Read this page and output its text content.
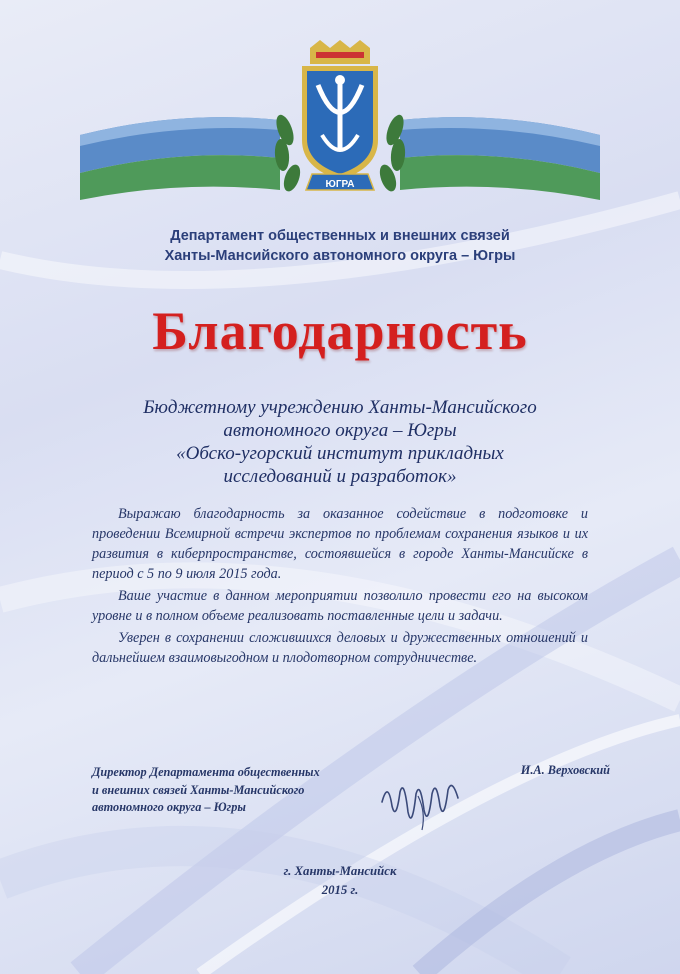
ЮГРА
Департамент общественных и внешних связей
Ханты-Мансийского автономного округа – Югры
Благодарность
Бюджетному учреждению Ханты-Мансийского
автономного округа – Югры
«Обско-угорский институт прикладных
исследований и разработок»

Выражаю благодарность за оказанное содействие в подготовке и проведении Всемирной встречи экспертов по проблемам сохранения языков и их развития в киберпространстве, состоявшейся в городе Ханты-Мансийске в период с 5 по 9 июля 2015 года.

Ваше участие в данном мероприятии позволило провести его на высоком уровне и в полном объеме реализовать поставленные цели и задачи.

Уверен в сохранении сложившихся деловых и дружественных отношений и дальнейшем взаимовыгодном и плодотворном сотрудничестве.

Директор Департамента общественных
и внешних связей Ханты-Мансийского
автономного округа – Югры
И.А. Верховский
г. Ханты-Мансийск
2015 г.
